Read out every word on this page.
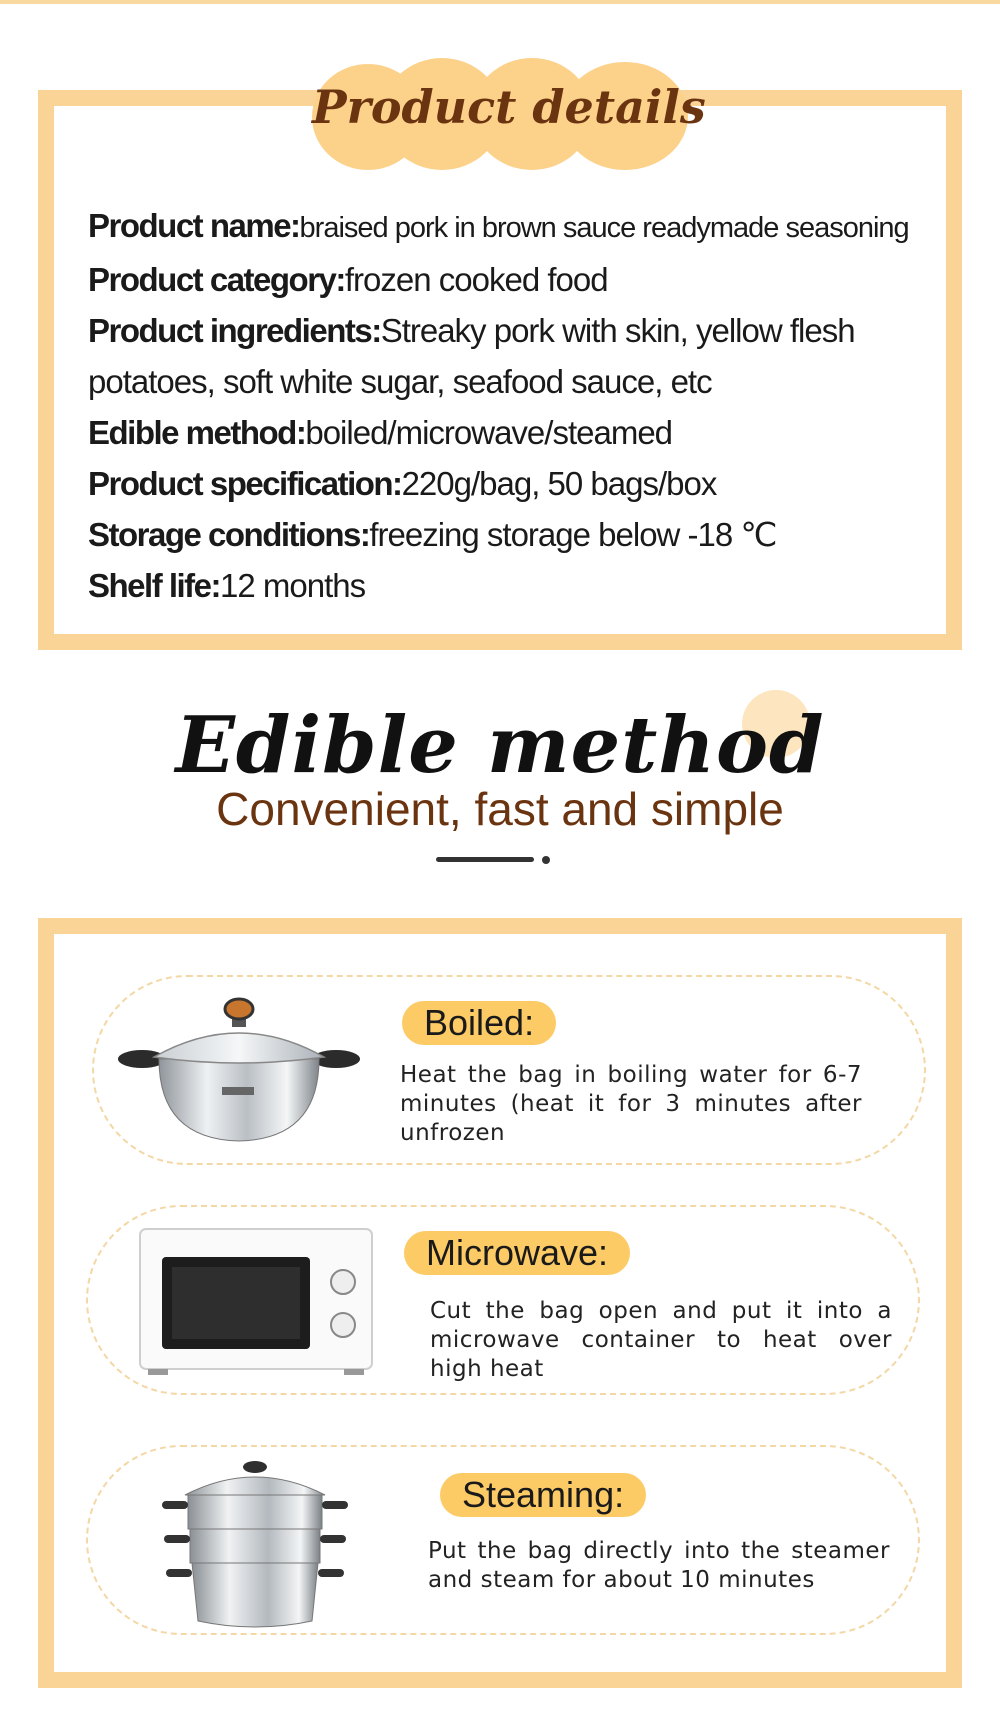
Product details
Product name:braised pork in brown sauce readymade seasoning
Product category:frozen cooked food
Product ingredients:Streaky pork with skin, yellow flesh
potatoes, soft white sugar, seafood sauce, etc
Edible method:boiled/microwave/steamed
Product specification:220g/bag, 50 bags/box
Storage conditions:freezing storage below -18 ℃
Shelf life:12 months
Edible method
Convenient, fast and simple
Boiled:
Heat the bag in boiling water for 6-7 minutes (heat it for 3 minutes after unfrozen
Microwave:
Cut the bag open and put it into a microwave container to heat over high heat
Steaming:
Put the bag directly into the steamer and steam for about 10 minutes
